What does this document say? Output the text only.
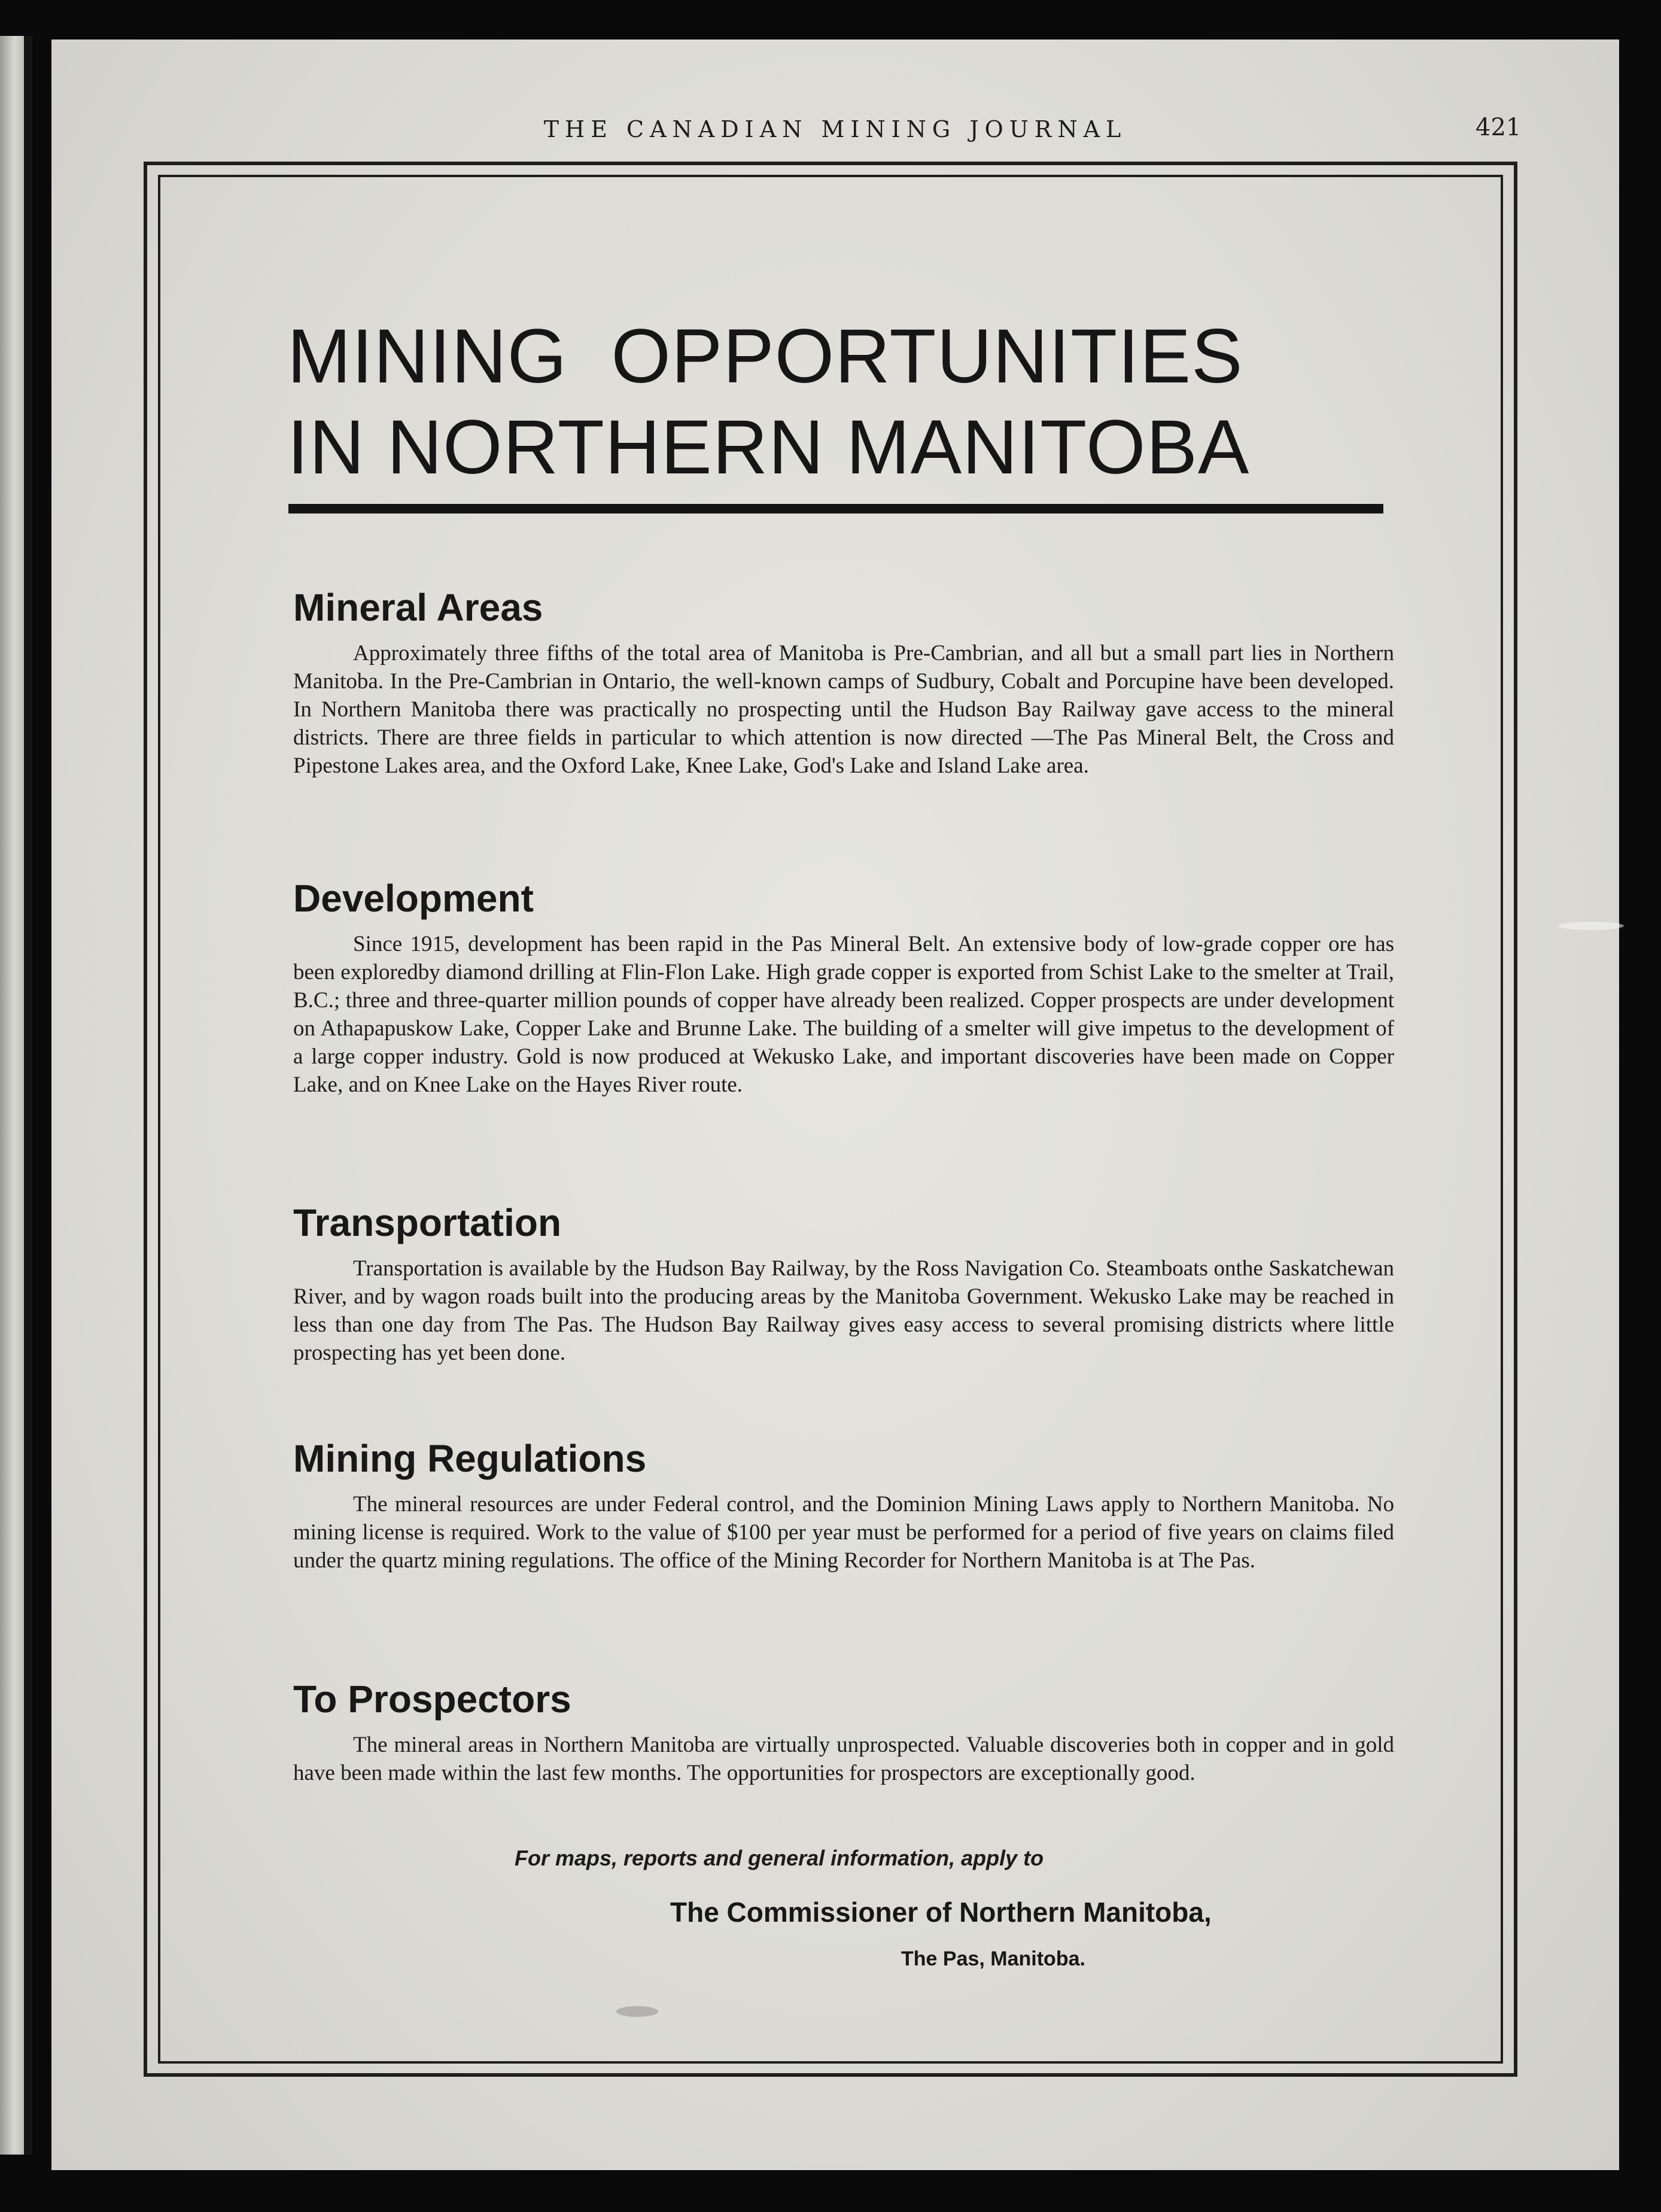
THE CANADIAN MINING JOURNAL	421
MINING  OPPORTUNITIES
IN NORTHERN MANITOBA
Mineral Areas

Approximately three fifths of the total area of Manitoba is Pre-Cambrian, and all but a small part lies in Northern Manitoba. In the Pre-Cambrian in Ontario, the well-known camps of Sudbury, Cobalt and Porcupine have been developed. In Northern Manitoba there was practically no prospecting until the Hudson Bay Railway gave access to the mineral districts. There are three fields in particular to which attention is now directed —The Pas Mineral Belt, the Cross and Pipestone Lakes area, and the Oxford Lake, Knee Lake, God's Lake and Island Lake area.

Development

Since 1915, development has been rapid in the Pas Mineral Belt. An extensive body of low-grade copper ore has been exploredby diamond drilling at Flin-Flon Lake. High grade copper is exported from Schist Lake to the smelter at Trail, B.C.; three and three-quarter million pounds of copper have already been realized. Copper prospects are under development on Athapapuskow Lake, Copper Lake and Brunne Lake. The building of a smelter will give impetus to the development of a large copper industry. Gold is now produced at Wekusko Lake, and important discoveries have been made on Copper Lake, and on Knee Lake on the Hayes River route.

Transportation

Transportation is available by the Hudson Bay Railway, by the Ross Navigation Co. Steamboats onthe Saskatchewan River, and by wagon roads built into the producing areas by the Manitoba Government. Wekusko Lake may be reached in less than one day from The Pas. The Hudson Bay Railway gives easy access to several promising districts where little prospecting has yet been done.

Mining Regulations

The mineral resources are under Federal control, and the Dominion Mining Laws apply to Northern Manitoba. No mining license is required. Work to the value of $100 per year must be performed for a period of five years on claims filed under the quartz mining regulations. The office of the Mining Recorder for Northern Manitoba is at The Pas.

To Prospectors

The mineral areas in Northern Manitoba are virtually unprospected. Valuable discoveries both in copper and in gold have been made within the last few months. The opportunities for prospectors are exceptionally good.

For maps, reports and general information, apply to
The Commissioner of Northern Manitoba,
The Pas, Manitoba.
